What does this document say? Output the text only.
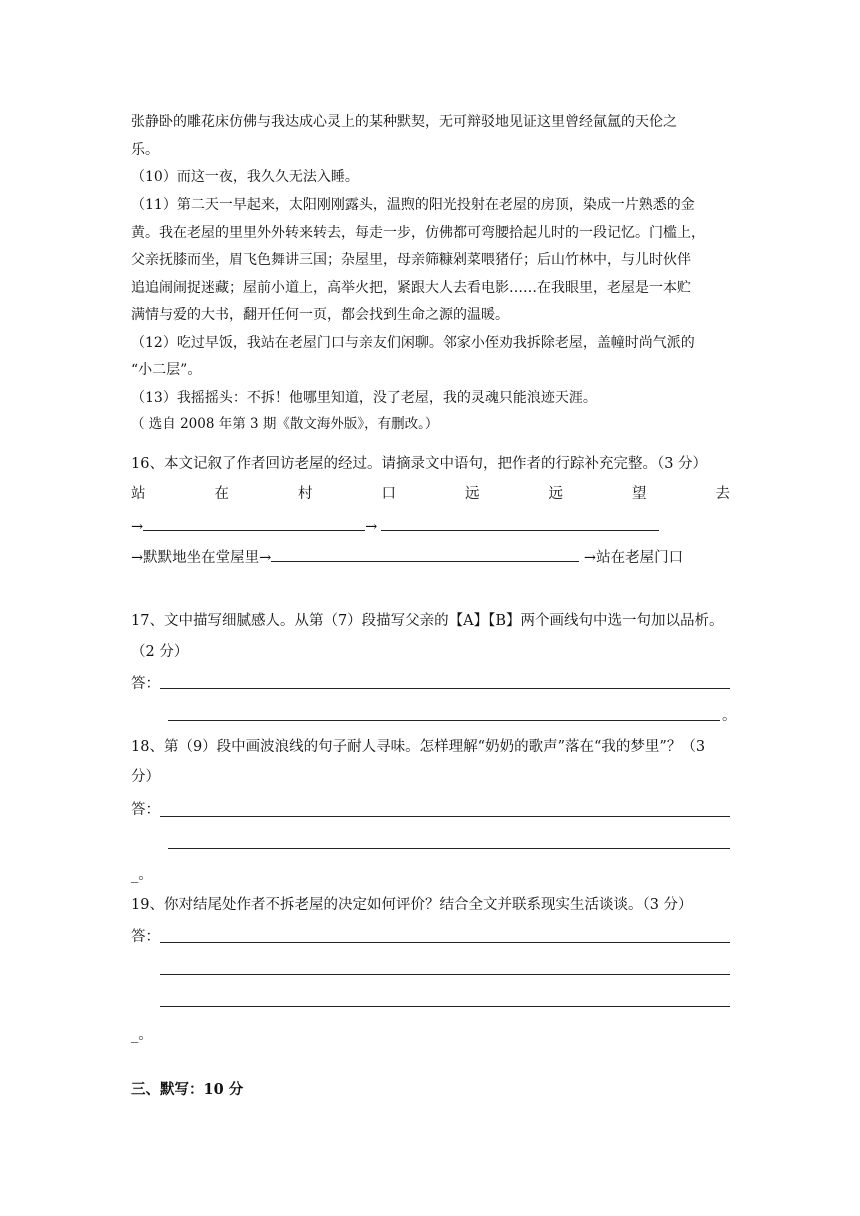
张静卧的雕花床仿佛与我达成心灵上的某种默契，无可辩驳地见证这里曾经氤氲的天伦之
乐。
（10）而这一夜，我久久无法入睡。
（11）第二天一早起来，太阳刚刚露头，温煦的阳光投射在老屋的房顶，染成一片熟悉的金
黄。我在老屋的里里外外转来转去，每走一步，仿佛都可弯腰拾起儿时的一段记忆。门槛上，
父亲抚膝而坐，眉飞色舞讲三国；杂屋里，母亲筛糠剁菜喂猪仔；后山竹林中，与儿时伙伴
追追闹闹捉迷藏；屋前小道上，高举火把，紧跟大人去看电影……在我眼里，老屋是一本贮
满情与爱的大书，翻开任何一页，都会找到生命之源的温暖。
（12）吃过早饭，我站在老屋门口与亲友们闲聊。邻家小侄劝我拆除老屋，盖幢时尚气派的
“小二层”。
（13）我摇摇头：不拆！他哪里知道，没了老屋，我的灵魂只能浪迹天涯。
（ 选自 2008 年第 3 期《散文海外版》，有删改。）
16、本文记叙了作者回访老屋的经过。请摘录文中语句，把作者的行踪补充完整。（3 分）
站	在	村	口	远	远	望	去
→	→
→默默地坐在堂屋里→	→站在老屋门口
17、文中描写细腻感人。从第（7）段描写父亲的【A】【B】两个画线句中选一句加以品析。
（2 分）
答：
。
18、第（9）段中画波浪线的句子耐人寻味。怎样理解“奶奶的歌声”落在“我的梦里”？（3
分）
答：
_。
19、你对结尾处作者不拆老屋的决定如何评价？结合全文并联系现实生活谈谈。（3 分）
答：
_。
三、默写：10 分
